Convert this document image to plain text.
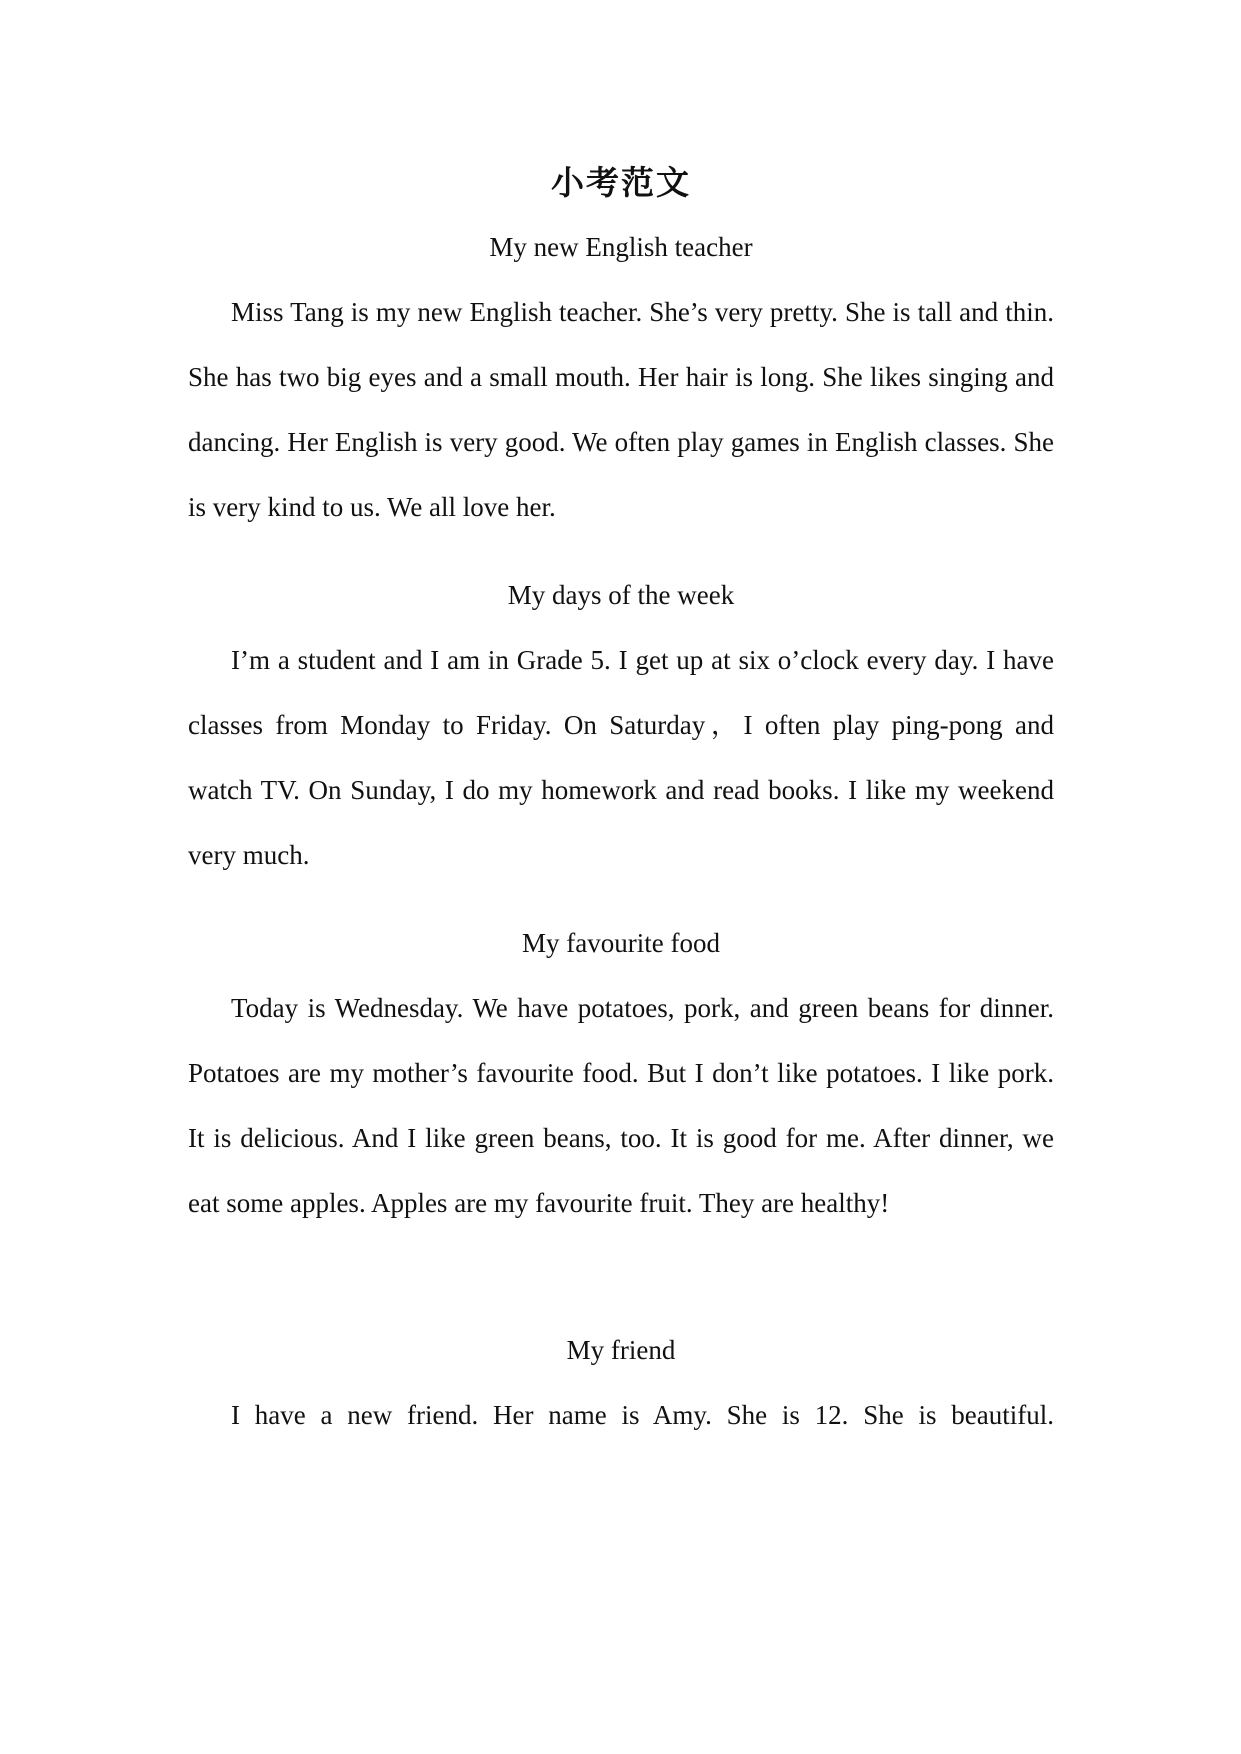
小考范文
My new English teacher

Miss Tang is my new English teacher. She’s very pretty. She is tall and thin. She has two big eyes and a small mouth. Her hair is long. She likes singing and dancing. Her English is very good. We often play games in English classes. She is very kind to us. We all love her.

My days of the week

I’m a student and I am in Grade 5. I get up at six o’clock every day. I have classes from Monday to Friday. On Saturday，I often play ping-pong and watch TV. On Sunday, I do my homework and read books. I like my weekend very much.

My favourite food

Today is Wednesday. We have potatoes, pork, and green beans for dinner. Potatoes are my mother’s favourite food. But I don’t like potatoes. I like pork. It is delicious. And I like green beans, too. It is good for me. After dinner, we eat some apples. Apples are my favourite fruit. They are healthy!

My friend

I have a new friend. Her name is Amy. She is 12. She is beautiful.
